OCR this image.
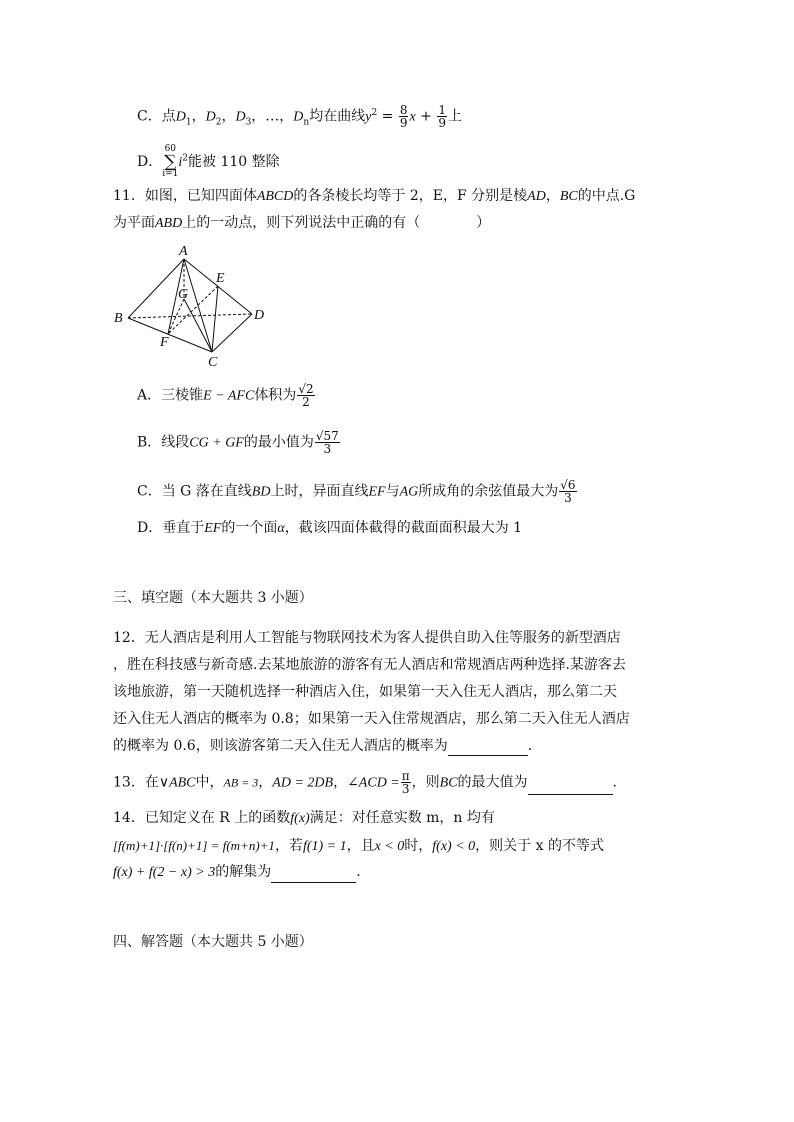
C．点$D_1$，$D_2$，$D_3$，…，$D_n$均在曲线$y^2 = \frac{8}{9}$ $x + \frac{1}{9}$ 上
D．60
∑
$i=1i^2$能被 110 整除
11．如图，已知四面体ABCD的各条棱长均等于 2，E，F 分别是棱AD，BC的中点.G
为平面ABD上的一动点，则下列说法中正确的有（　　　　）
A
B
C
D
E
F
G
A．三棱锥E − AFC体积为 $\frac{√2}{2}$
B．线段CG + GF的最小值为 $\frac{√57}{3}$
C．当 G 落在直线BD上时，异面直线EF与AG所成角的余弦值最大为 $\frac{√6}{3}$
D．垂直于EF的一个面α，截该四面体截得的截面面积最大为 1
三、填空题（本大题共 3 小题）
12．无人酒店是利用人工智能与物联网技术为客人提供自助入住等服务的新型酒店
，胜在科技感与新奇感.去某地旅游的游客有无人酒店和常规酒店两种选择.某游客去
该地旅游，第一天随机选择一种酒店入住，如果第一天入住无人酒店，那么第二天
还入住无人酒店的概率为 0.8；如果第一天入住常规酒店，那么第二天入住无人酒店
的概率为 0.6，则该游客第二天入住无人酒店的概率为	.
13．在∨ABC中，AB = 3，AD = 2DB，∠ACD = $\frac{\pi}{3}$ ，则BC的最大值为	.
14．已知定义在 R 上的函数f(x)满足：对任意实数 m，n 均有
[f(m)+1]·[f(n)+1] = f(m+n)+1，若f(1) = 1，且x < 0时，f(x) < 0，则关于 x 的不等式
f(x) + f(2 − x) > 3的解集为	.
四、解答题（本大题共 5 小题）
